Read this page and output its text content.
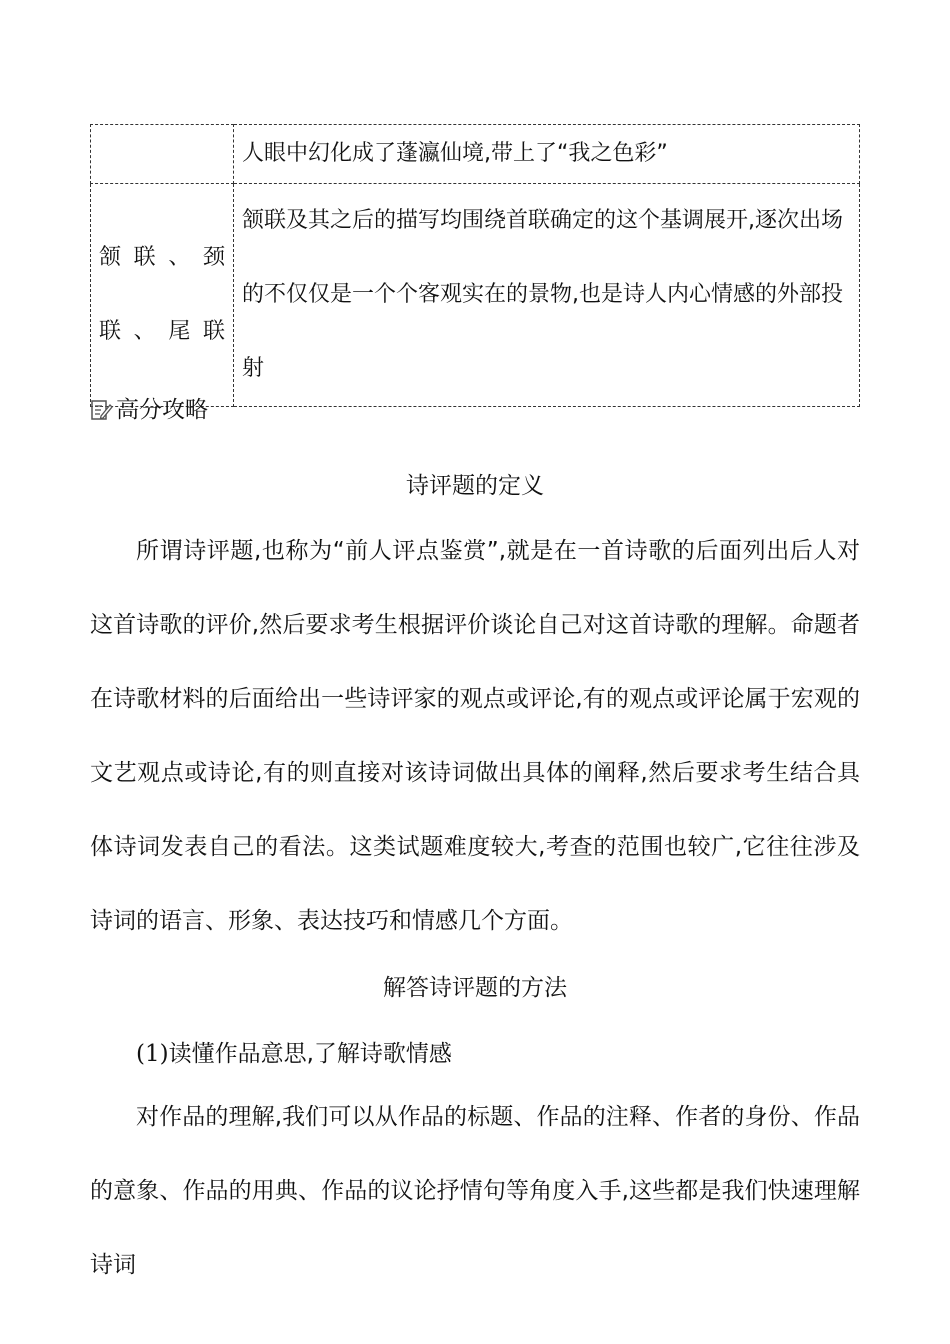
	人眼中幻化成了蓬瀛仙境,带上了“我之色彩”

颔联、颈
联、尾联	颔联及其之后的描写均围绕首联确定的这个基调展开,逐次出场的不仅仅是一个个客观实在的景物,也是诗人内心情感的外部投射
高分攻略
诗评题的定义

所谓诗评题,也称为“前人评点鉴赏”,就是在一首诗歌的后面列出后人对这首诗歌的评价,然后要求考生根据评价谈论自己对这首诗歌的理解。命题者在诗歌材料的后面给出一些诗评家的观点或评论,有的观点或评论属于宏观的文艺观点或诗论,有的则直接对该诗词做出具体的阐释,然后要求考生结合具体诗词发表自己的看法。这类试题难度较大,考查的范围也较广,它往往涉及诗词的语言、形象、表达技巧和情感几个方面。

解答诗评题的方法
(1)读懂作品意思,了解诗歌情感

对作品的理解,我们可以从作品的标题、作品的注释、作者的身份、作品的意象、作品的用典、作品的议论抒情句等角度入手,这些都是我们快速理解诗词
